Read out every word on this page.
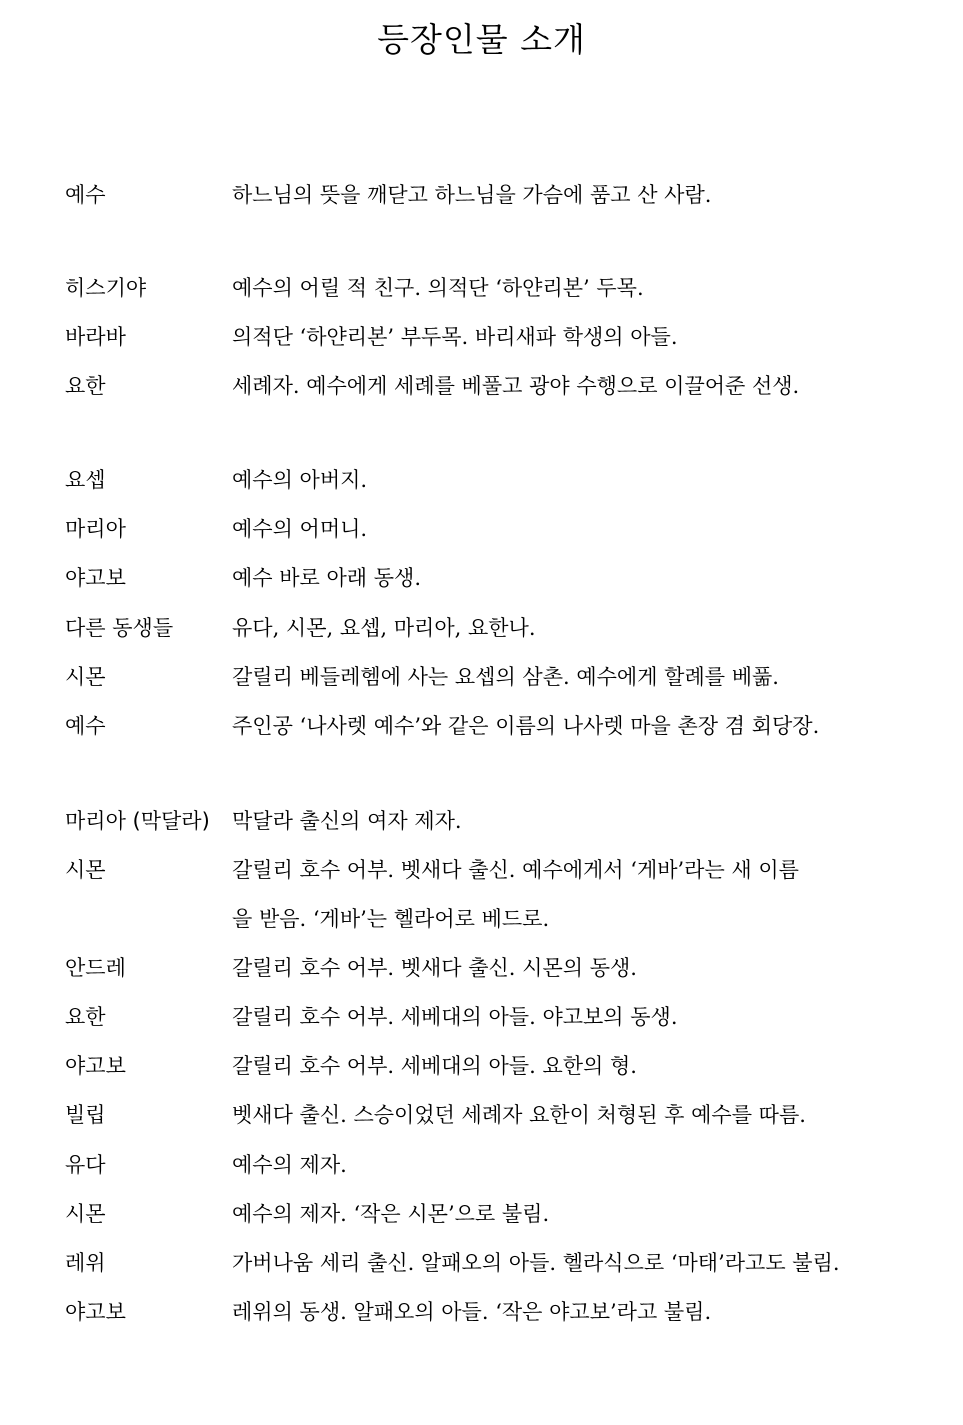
등장인물 소개
예수	하느님의 뜻을 깨닫고 하느님을 가슴에 품고 산 사람.
히스기야	예수의 어릴 적 친구. 의적단 ‘하얀리본’ 두목.
바라바	의적단 ‘하얀리본’ 부두목. 바리새파 학생의 아들.
요한	세례자. 예수에게 세례를 베풀고 광야 수행으로 이끌어준 선생.
요셉	예수의 아버지.
마리아	예수의 어머니.
야고보	예수 바로 아래 동생.
다른 동생들	유다, 시몬, 요셉, 마리아, 요한나.
시몬	갈릴리 베들레헴에 사는 요셉의 삼촌. 예수에게 할례를 베풂.
예수	주인공 ‘나사렛 예수’와 같은 이름의 나사렛 마을 촌장 겸 회당장.
마리아 (막달라)	막달라 출신의 여자 제자.
시몬	갈릴리 호수 어부. 벳새다 출신. 예수에게서 ‘게바’라는 새 이름
을 받음. ‘게바’는 헬라어로 베드로.
안드레	갈릴리 호수 어부. 벳새다 출신. 시몬의 동생.
요한	갈릴리 호수 어부. 세베대의 아들. 야고보의 동생.
야고보	갈릴리 호수 어부. 세베대의 아들. 요한의 형.
빌립	벳새다 출신. 스승이었던 세례자 요한이 처형된 후 예수를 따름.
유다	예수의 제자.
시몬	예수의 제자. ‘작은 시몬’으로 불림.
레위	가버나움 세리 출신. 알패오의 아들. 헬라식으로 ‘마태’라고도 불림.
야고보	레위의 동생. 알패오의 아들. ‘작은 야고보’라고 불림.
